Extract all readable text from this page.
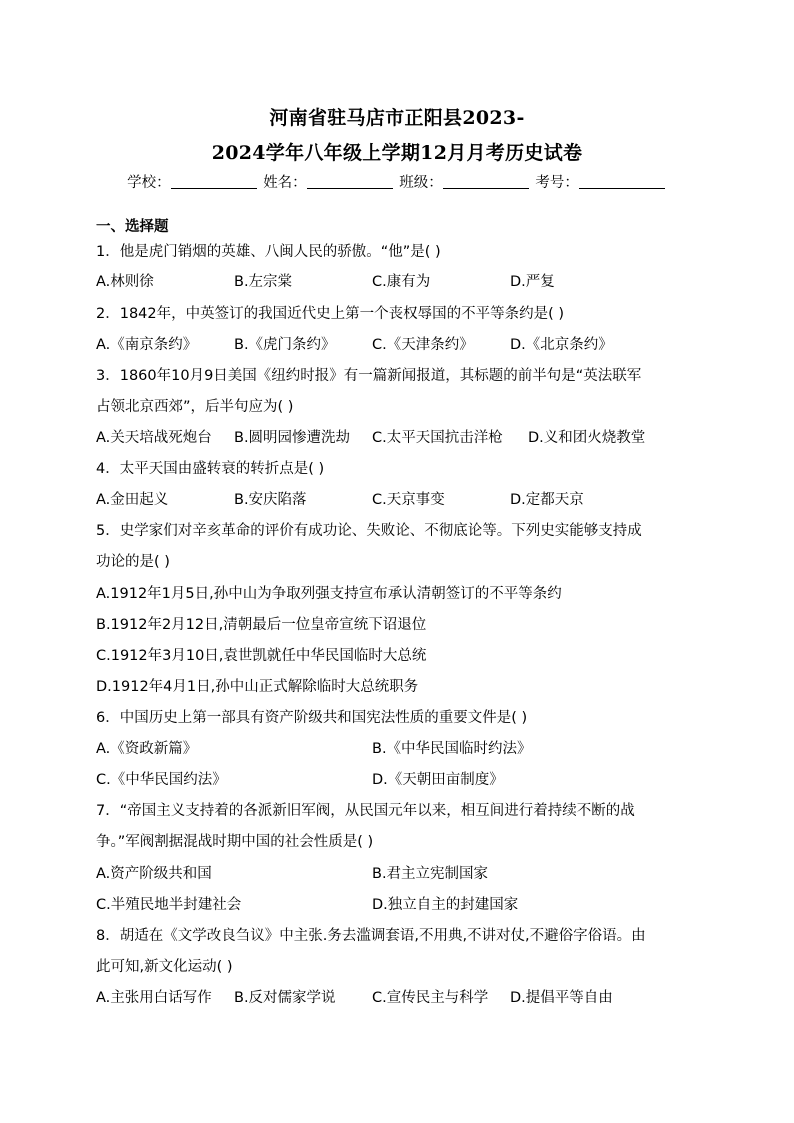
河南省驻马店市正阳县2023-
2024学年八年级上学期12月月考历史试卷
学校：	姓名：	班级：	考号：
一、选择题
1．他是虎门销烟的英雄、八闽人民的骄傲。“他”是( )
A.林则徐	B.左宗棠	C.康有为	D.严复
2．1842年，中英签订的我国近代史上第一个丧权辱国的不平等条约是( )
A.《南京条约》	B.《虎门条约》	C.《天津条约》	D.《北京条约》
3．1860年10月9日美国《纽约时报》有一篇新闻报道，其标题的前半句是“英法联军
占领北京西郊”，后半句应为( )
A.关天培战死炮台 B.圆明园惨遭洗劫 C.太平天国抗击洋枪 D.义和团火烧教堂
4．太平天国由盛转衰的转折点是( )
A.金田起义	B.安庆陷落	C.天京事变	D.定都天京
5．史学家们对辛亥革命的评价有成功论、失败论、不彻底论等。下列史实能够支持成
功论的是( )
A.1912年1月5日,孙中山为争取列强支持宣布承认清朝签订的不平等条约
B.1912年2月12日,清朝最后一位皇帝宣统下诏退位
C.1912年3月10日,袁世凯就任中华民国临时大总统
D.1912年4月1日,孙中山正式解除临时大总统职务
6．中国历史上第一部具有资产阶级共和国宪法性质的重要文件是( )
A.《资政新篇》	B.《中华民国临时约法》
C.《中华民国约法》	D.《天朝田亩制度》
7．“帝国主义支持着的各派新旧军阀，从民国元年以来，相互间进行着持续不断的战
争。”军阀割据混战时期中国的社会性质是( )
A.资产阶级共和国	B.君主立宪制国家
C.半殖民地半封建社会	D.独立自主的封建国家
8．胡适在《文学改良刍议》中主张.务去滥调套语,不用典,不讲对仗,不避俗字俗语。由
此可知,新文化运动( )
A.主张用白话写作 B.反对儒家学说	C.宣传民主与科学 D.提倡平等自由
